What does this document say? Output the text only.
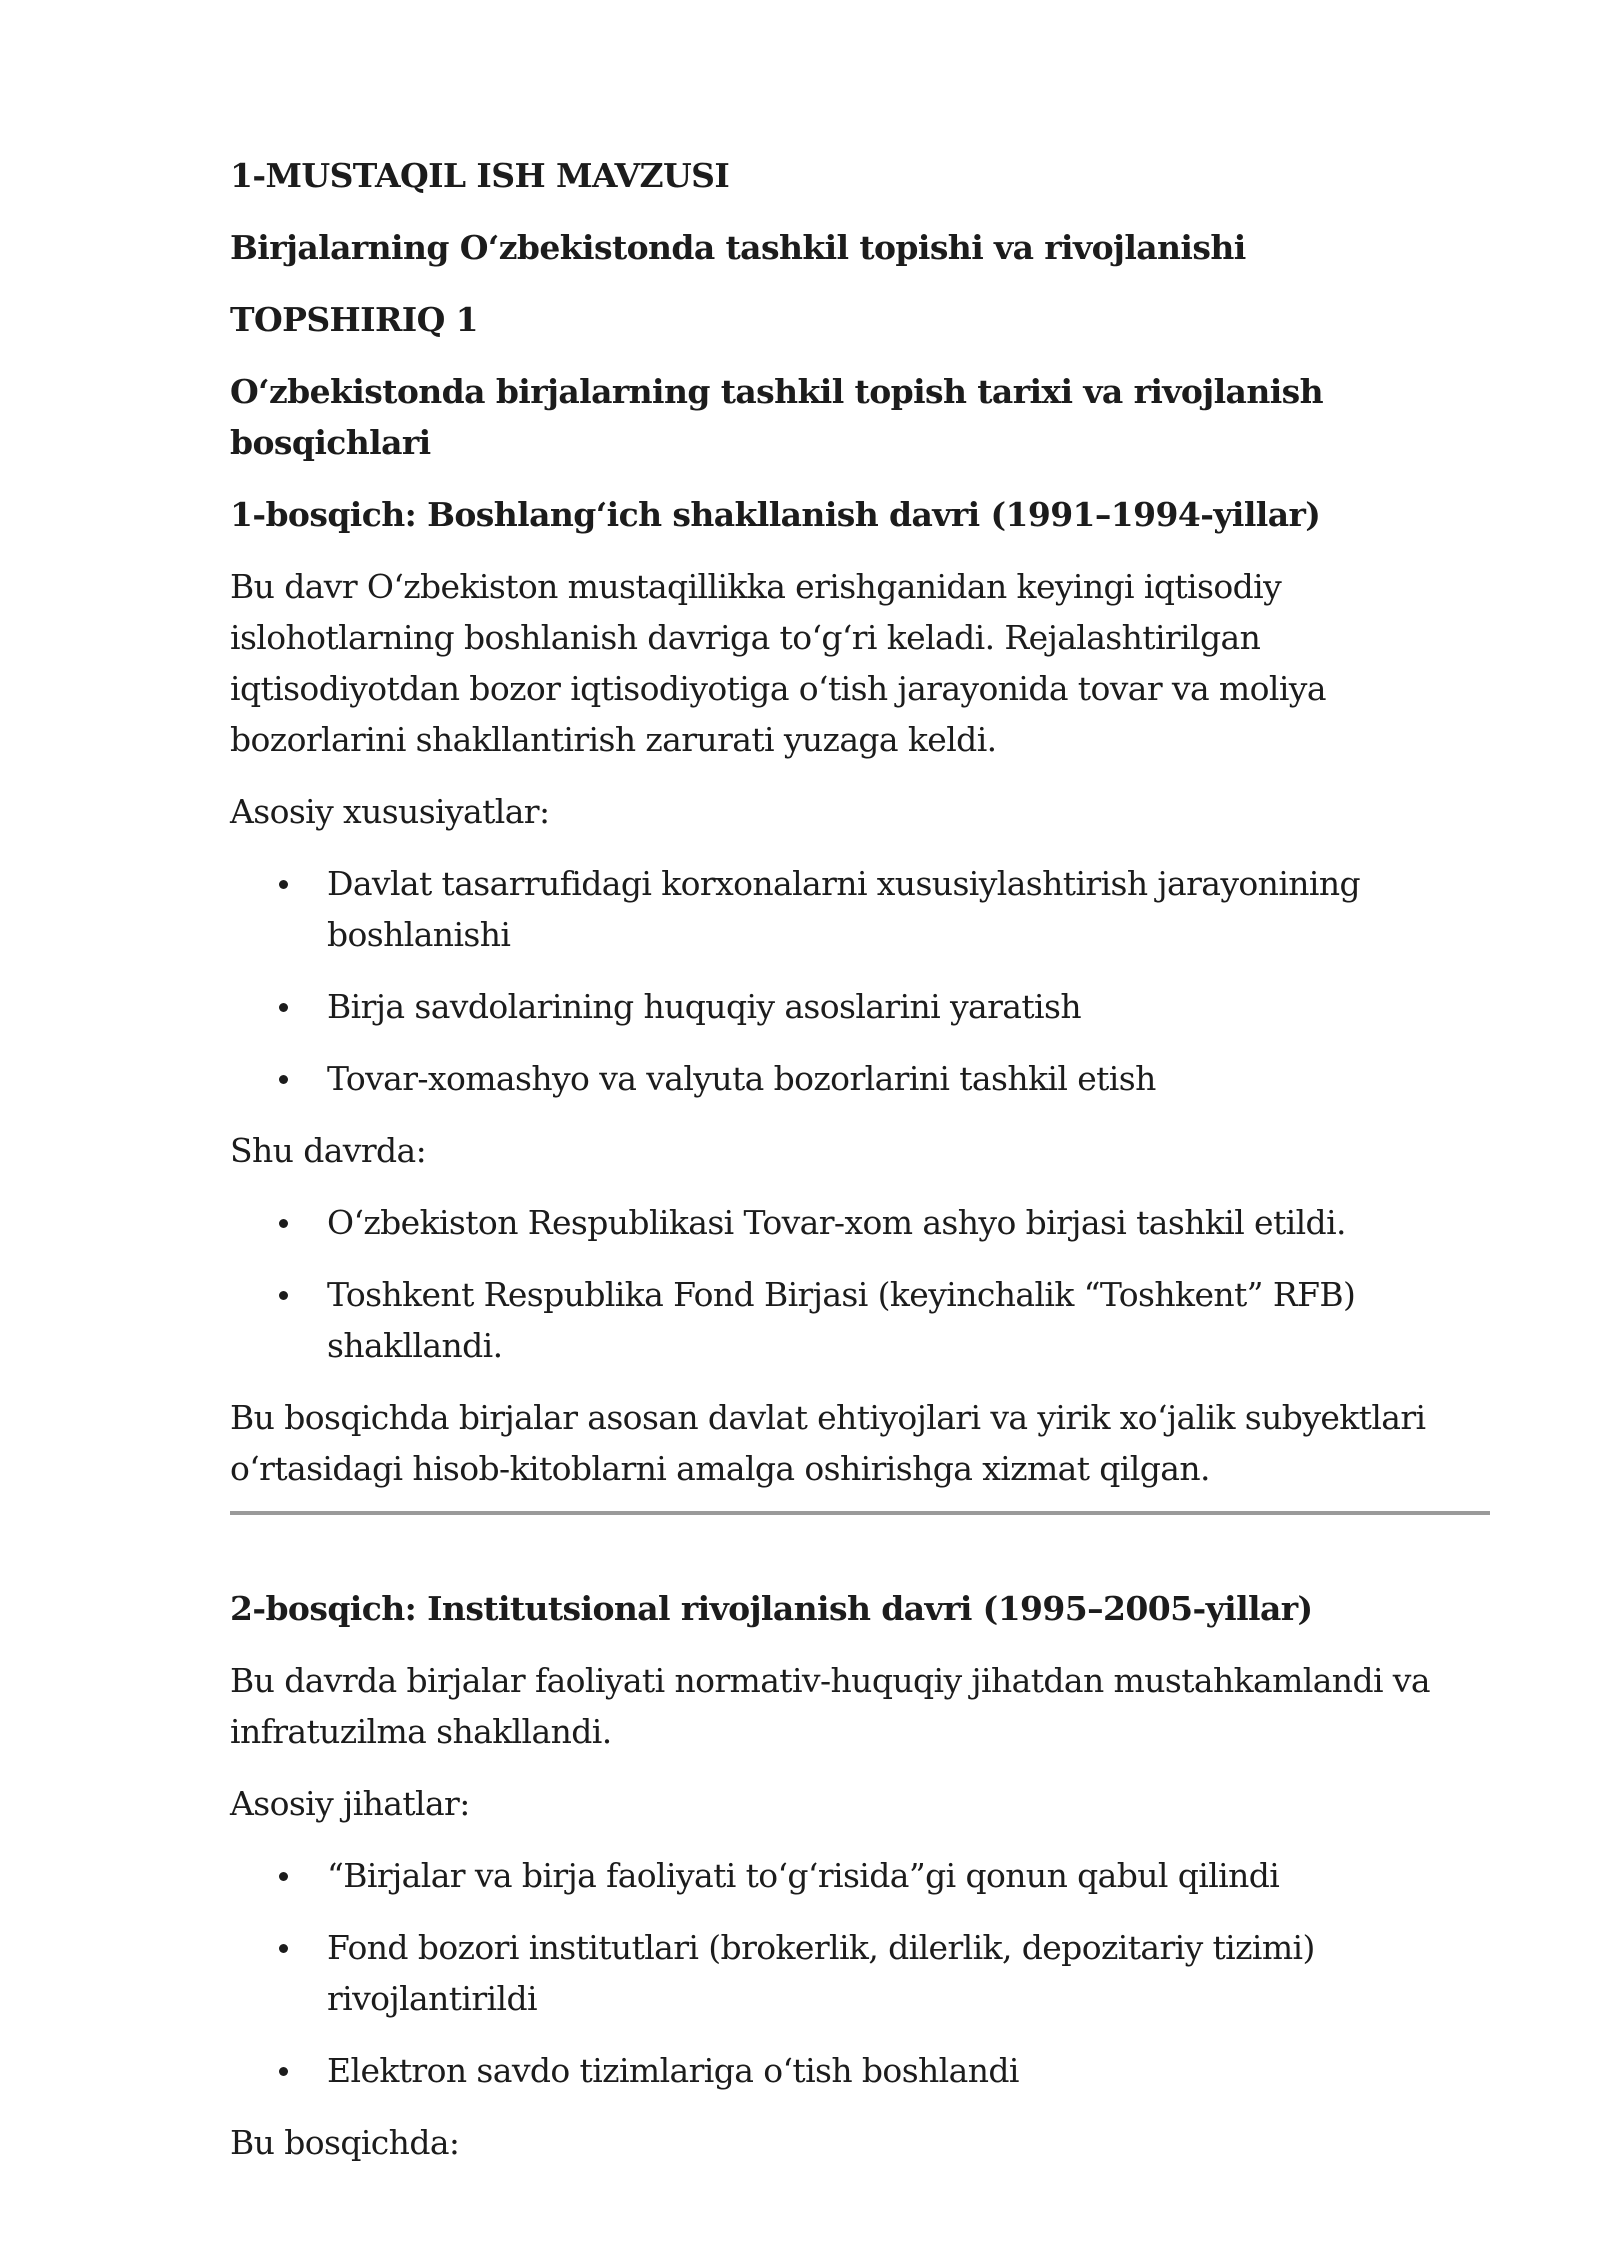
1-MUSTAQIL ISH MAVZUSI

Birjalarning O‘zbekistonda tashkil topishi va rivojlanishi

TOPSHIRIQ 1

O‘zbekistonda birjalarning tashkil topish tarixi va rivojlanish bosqichlari

1-bosqich: Boshlang‘ich shakllanish davri (1991–1994-yillar)

Bu davr O‘zbekiston mustaqillikka erishganidan keyingi iqtisodiy islohotlarning boshlanish davriga to‘g‘ri keladi. Rejalashtirilgan iqtisodiyotdan bozor iqtisodiyotiga o‘tish jarayonida tovar va moliya bozorlarini shakllantirish zarurati yuzaga keldi.

Asosiy xususiyatlar:

Davlat tasarrufidagi korxonalarni xususiylashtirish jarayonining boshlanishi
Birja savdolarining huquqiy asoslarini yaratish
Tovar-xomashyo va valyuta bozorlarini tashkil etish

Shu davrda:

O‘zbekiston Respublikasi Tovar-xom ashyo birjasi tashkil etildi.
Toshkent Respublika Fond Birjasi (keyinchalik “Toshkent” RFB) shakllandi.

Bu bosqichda birjalar asosan davlat ehtiyojlari va yirik xo‘jalik subyektlari o‘rtasidagi hisob-kitoblarni amalga oshirishga xizmat qilgan.

2-bosqich: Institutsional rivojlanish davri (1995–2005-yillar)

Bu davrda birjalar faoliyati normativ-huquqiy jihatdan mustahkamlandi va infratuzilma shakllandi.

Asosiy jihatlar:

“Birjalar va birja faoliyati to‘g‘risida”gi qonun qabul qilindi
Fond bozori institutlari (brokerlik, dilerlik, depozitariy tizimi) rivojlantirildi
Elektron savdo tizimlariga o‘tish boshlandi

Bu bosqichda:
